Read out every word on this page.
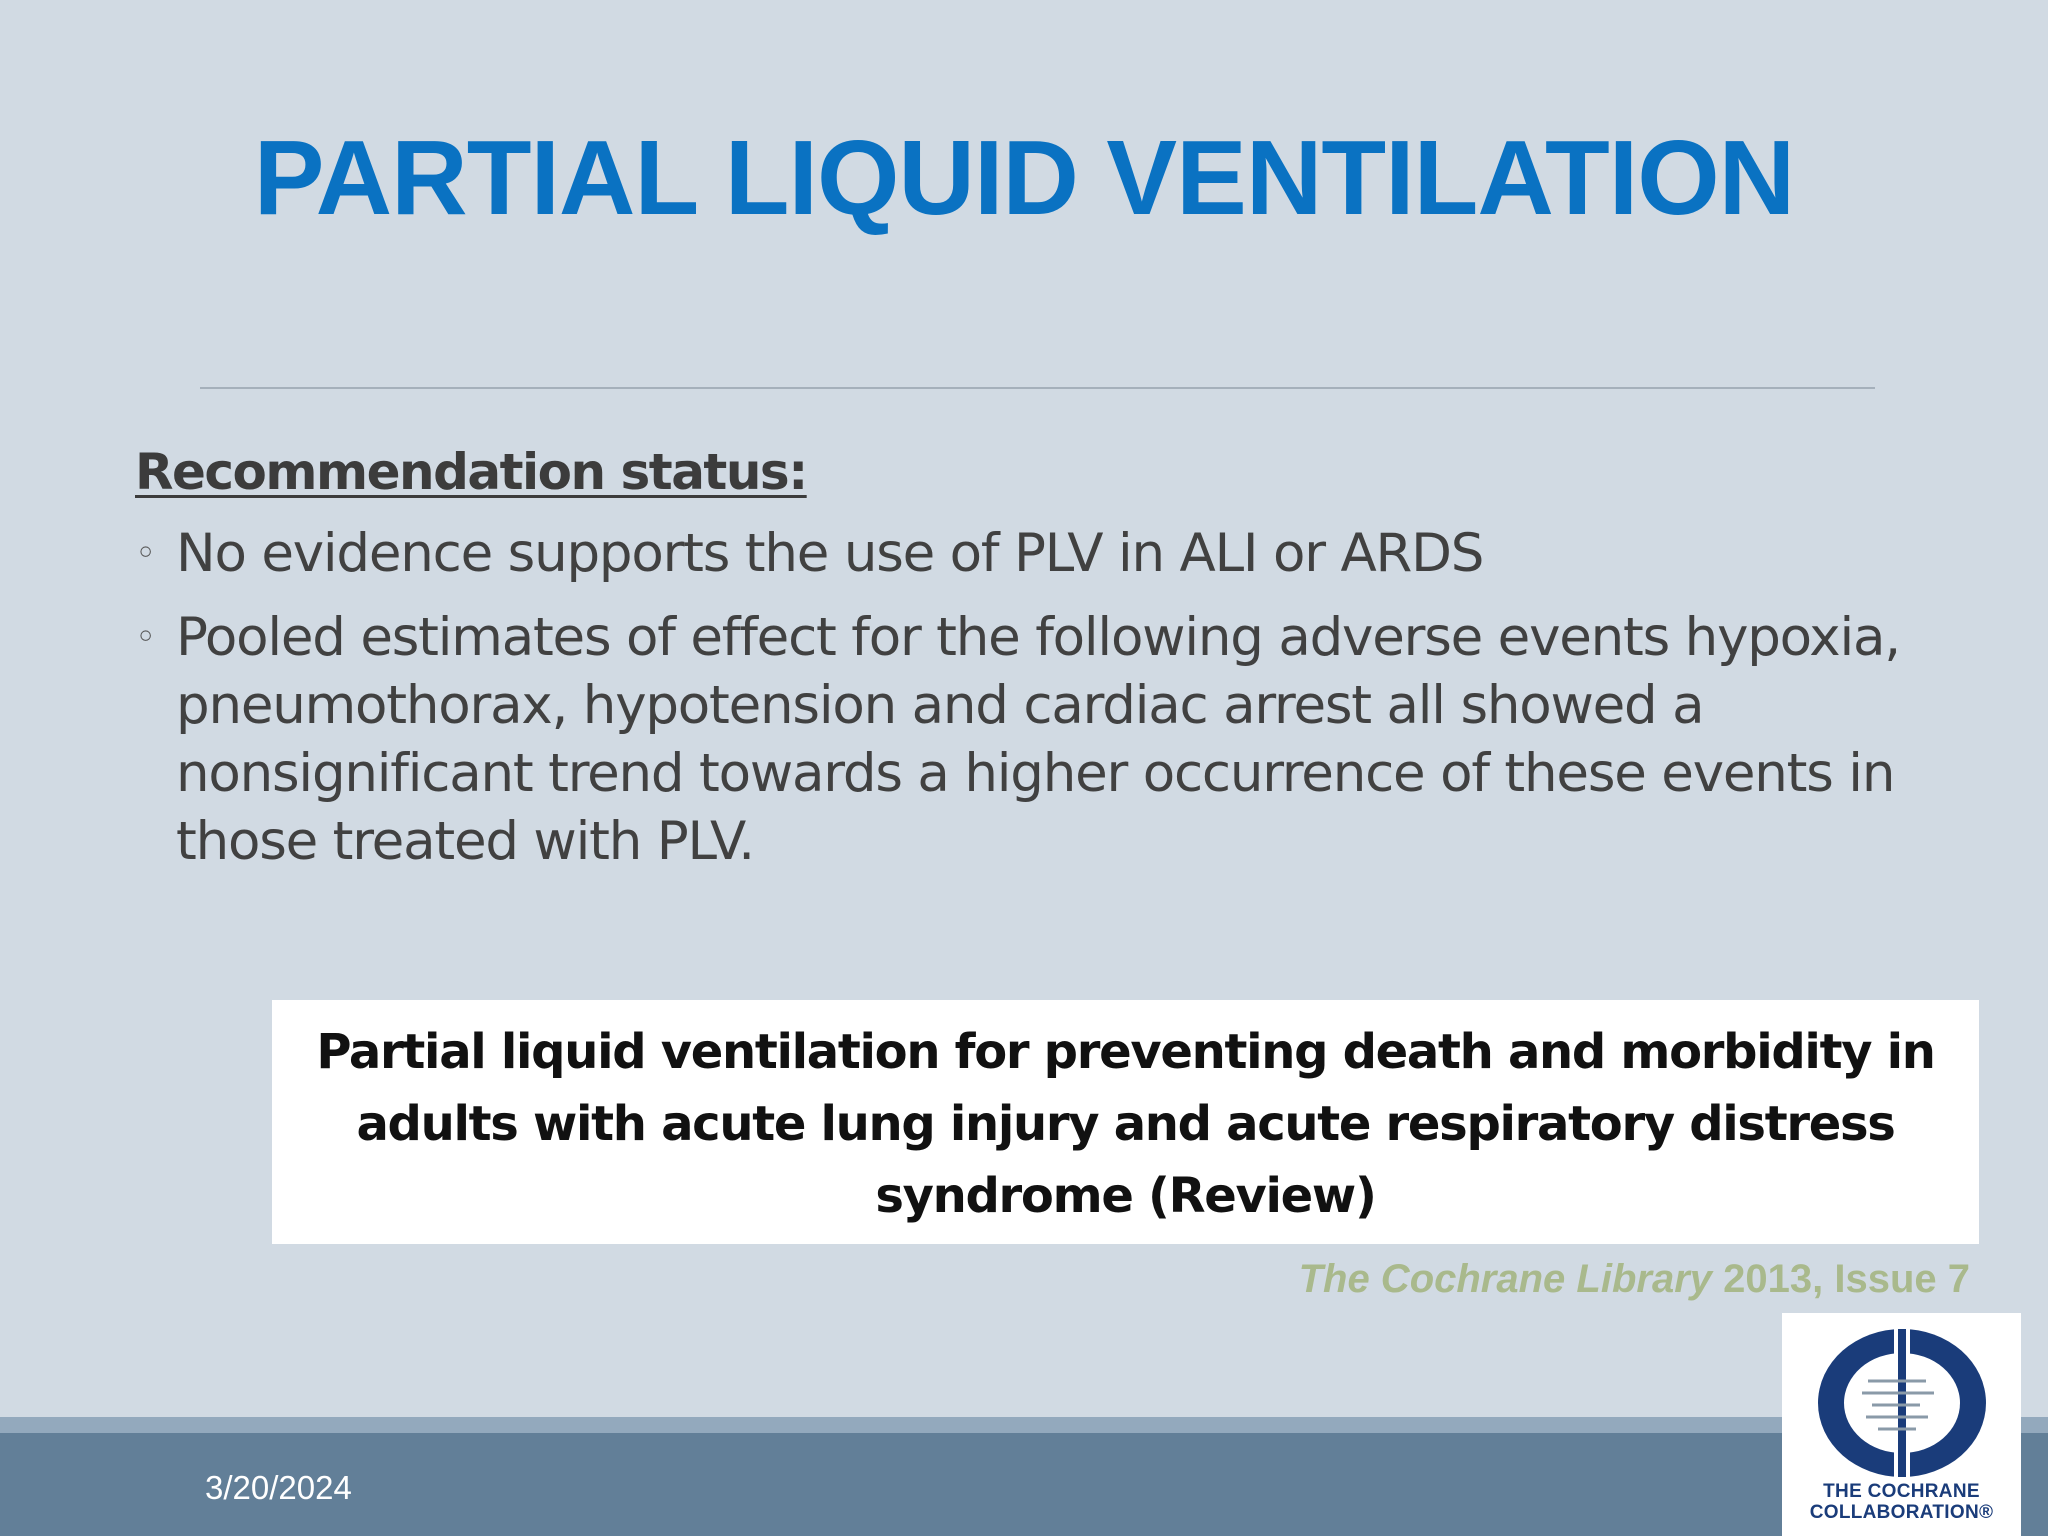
PARTIAL LIQUID VENTILATION
Recommendation status:
◦ No evidence supports the use of PLV in ALI or ARDS
◦ Pooled estimates of effect for the following adverse events hypoxia, pneumothorax, hypotension and cardiac arrest all showed a nonsignificant trend towards a higher occurrence of these events in those treated with PLV.

Partial liquid ventilation for preventing death and morbidity in adults with acute lung injury and acute respiratory distress syndrome (Review)

The Cochrane Library 2013, Issue 7
3/20/2024	THE COCHRANE
COLLABORATION®
